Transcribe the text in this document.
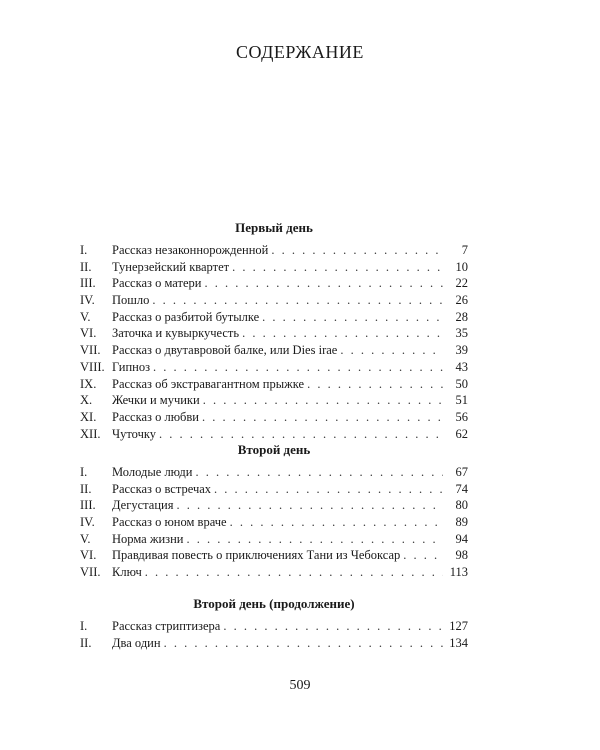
СОДЕРЖАНИЕ
Первый день
I.	Рассказ незаконнорожденной . . .	7
II.	Тунерзейский квартет . . .	10
III.	Рассказ о матери . . .	22
IV.	Пошло . . .	26
V.	Рассказ о разбитой бутылке . . .	28
VI.	Заточка и кувыркучесть . . .	35
VII. Рассказ о двутавровой балке, или Dies irae . . .	39
VIII. Гипноз . . .	43
IX.	Рассказ об экстравагантном прыжке . . .	50
X.	Жечки и мучики . . .	51
XI.	Рассказ о любви . . .	56
XII. Чуточку . . .	62
Второй день
I.	Молодые люди . . .	67
II.	Рассказ о встречах . . .	74
III.	Дегустация . . .	80
IV.	Рассказ о юном враче . . .	89
V.	Норма жизни . . .	94
VI.	Правдивая повесть о приключениях Тани из Чебоксар . . .	98
VII. Ключ . . .	113
Второй день (продолжение)
I.	Рассказ стриптизера . . .	127
II.	Два один . . .	134
509
